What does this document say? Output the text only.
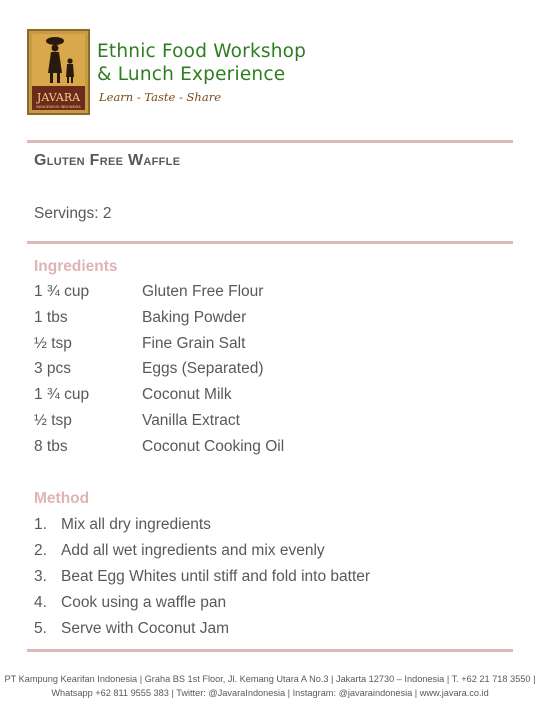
JAVARA
INDIGENOUS INDONESIA
Ethnic Food Workshop
& Lunch Experience
Learn - Taste - Share
Gluten Free Waffle
Servings: 2
Ingredients
1 ¾ cup	Gluten Free Flour
1 tbs	Baking Powder
½ tsp	Fine Grain Salt
3 pcs	Eggs (Separated)
1 ¾ cup	Coconut Milk
½ tsp	Vanilla Extract
8 tbs	Coconut Cooking Oil
Method
1. Mix all dry ingredients
2. Add all wet ingredients and mix evenly
3. Beat Egg Whites until stiff and fold into batter
4. Cook using a waffle pan
5. Serve with Coconut Jam
PT Kampung Kearifan Indonesia | Graha BS 1st Floor, Jl. Kemang Utara A No.3 | Jakarta 12730 – Indonesia | T. +62 21 718 3550 |
Whatsapp +62 811 9555 383 | Twitter: @JavaraIndonesia | Instagram: @javaraindonesia | www.javara.co.id
